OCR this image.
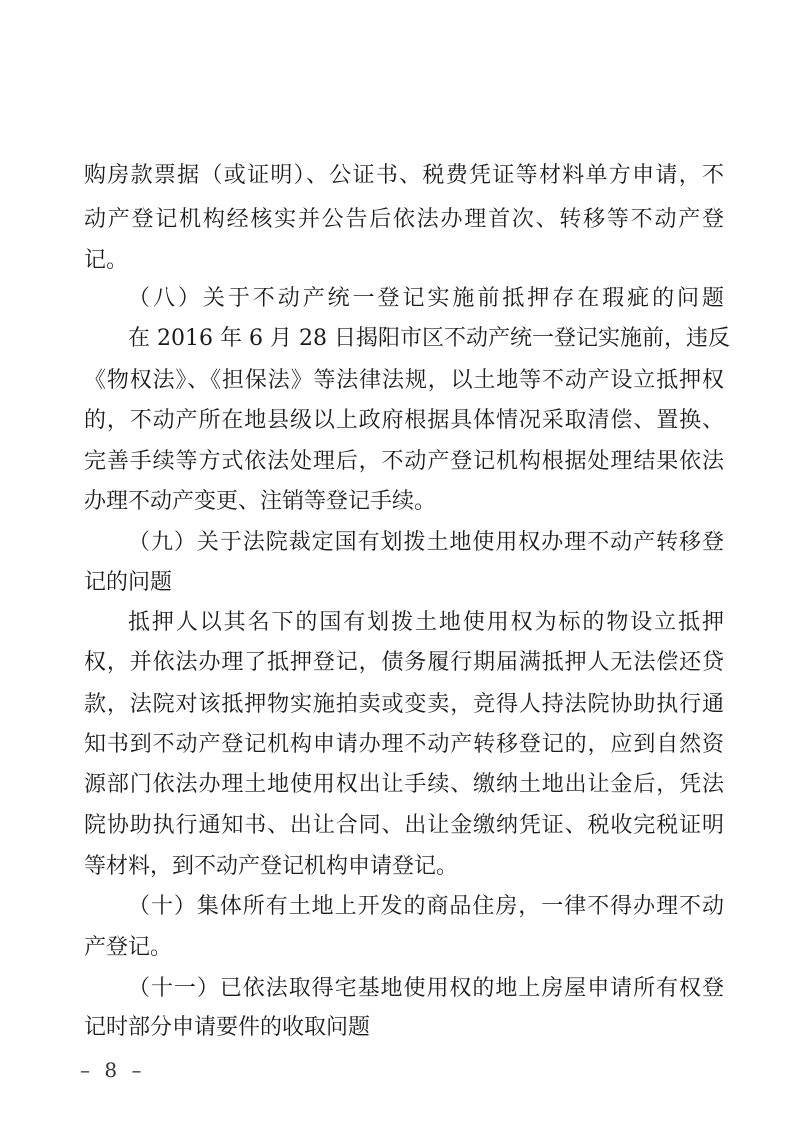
购房款票据（或证明）、公证书、税费凭证等材料单方申请，不
动产登记机构经核实并公告后依法办理首次、转移等不动产登
记。
（八）关于不动产统一登记实施前抵押存在瑕疵的问题
在 2016 年 6 月 28 日揭阳市区不动产统一登记实施前，违反
《物权法》、《担保法》等法律法规，以土地等不动产设立抵押权
的，不动产所在地县级以上政府根据具体情况采取清偿、置换、
完善手续等方式依法处理后，不动产登记机构根据处理结果依法
办理不动产变更、注销等登记手续。
（九）关于法院裁定国有划拨土地使用权办理不动产转移登
记的问题
抵押人以其名下的国有划拨土地使用权为标的物设立抵押
权，并依法办理了抵押登记，债务履行期届满抵押人无法偿还贷
款，法院对该抵押物实施拍卖或变卖，竞得人持法院协助执行通
知书到不动产登记机构申请办理不动产转移登记的，应到自然资
源部门依法办理土地使用权出让手续、缴纳土地出让金后，凭法
院协助执行通知书、出让合同、出让金缴纳凭证、税收完税证明
等材料，到不动产登记机构申请登记。
（十）集体所有土地上开发的商品住房，一律不得办理不动
产登记。
（十一）已依法取得宅基地使用权的地上房屋申请所有权登
记时部分申请要件的收取问题
– 8 –
